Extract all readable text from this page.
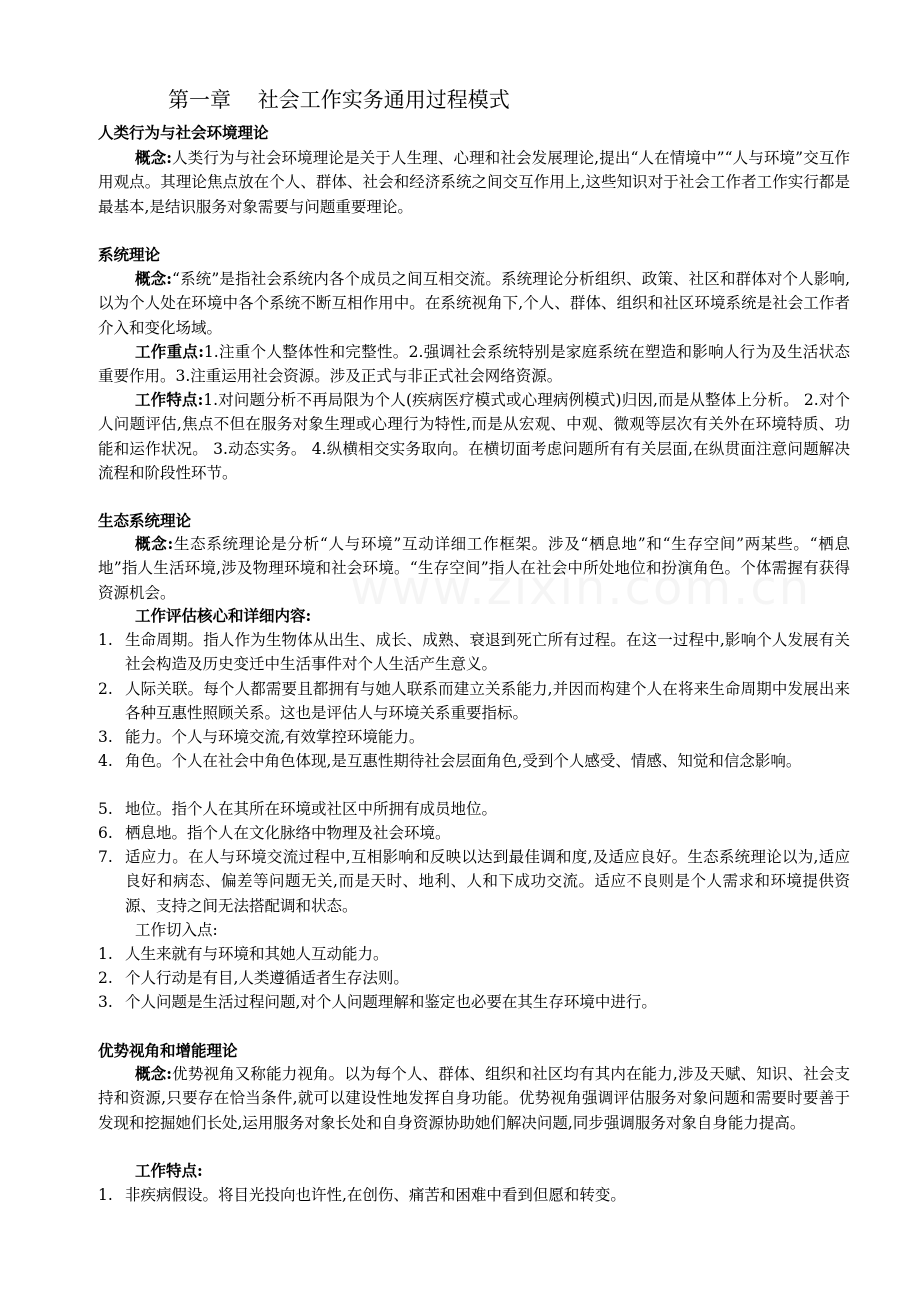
第一章    社会工作实务通用过程模式
人类行为与社会环境理论
概念:人类行为与社会环境理论是关于人生理、心理和社会发展理论,提出“人在情境中”“人与环境”交互作用观点。其理论焦点放在个人、群体、社会和经济系统之间交互作用上,这些知识对于社会工作者工作实行都是最基本,是结识服务对象需要与问题重要理论。
系统理论
概念:“系统”是指社会系统内各个成员之间互相交流。系统理论分析组织、政策、社区和群体对个人影响,以为个人处在环境中各个系统不断互相作用中。在系统视角下,个人、群体、组织和社区环境系统是社会工作者介入和变化场域。
工作重点:1.注重个人整体性和完整性。2.强调社会系统特别是家庭系统在塑造和影响人行为及生活状态重要作用。3.注重运用社会资源。涉及正式与非正式社会网络资源。
工作特点:1.对问题分析不再局限为个人(疾病医疗模式或心理病例模式)归因,而是从整体上分析。 2.对个人问题评估,焦点不但在服务对象生理或心理行为特性,而是从宏观、中观、微观等层次有关外在环境特质、功能和运作状况。 3.动态实务。 4.纵横相交实务取向。在横切面考虑问题所有有关层面,在纵贯面注意问题解决流程和阶段性环节。
生态系统理论
概念:生态系统理论是分析“人与环境”互动详细工作框架。涉及“栖息地”和“生存空间”两某些。“栖息地”指人生活环境,涉及物理环境和社会环境。“生存空间”指人在社会中所处地位和扮演角色。个体需握有获得资源机会。
工作评估核心和详细内容:
1. 生命周期。指人作为生物体从出生、成长、成熟、衰退到死亡所有过程。在这一过程中,影响个人发展有关社会构造及历史变迁中生活事件对个人生活产生意义。
2. 人际关联。每个人都需要且都拥有与她人联系而建立关系能力,并因而构建个人在将来生命周期中发展出来各种互惠性照顾关系。这也是评估人与环境关系重要指标。
3. 能力。个人与环境交流,有效掌控环境能力。
4. 角色。个人在社会中角色体现,是互惠性期待社会层面角色,受到个人感受、情感、知觉和信念影响。
5. 地位。指个人在其所在环境或社区中所拥有成员地位。
6. 栖息地。指个人在文化脉络中物理及社会环境。
7. 适应力。在人与环境交流过程中,互相影响和反映以达到最佳调和度,及适应良好。生态系统理论以为,适应良好和病态、偏差等问题无关,而是天时、地利、人和下成功交流。适应不良则是个人需求和环境提供资源、支持之间无法搭配调和状态。
工作切入点:
1. 人生来就有与环境和其她人互动能力。
2. 个人行动是有目,人类遵循适者生存法则。
3. 个人问题是生活过程问题,对个人问题理解和鉴定也必要在其生存环境中进行。
优势视角和增能理论
概念:优势视角又称能力视角。以为每个人、群体、组织和社区均有其内在能力,涉及天赋、知识、社会支持和资源,只要存在恰当条件,就可以建设性地发挥自身功能。优势视角强调评估服务对象问题和需要时要善于发现和挖掘她们长处,运用服务对象长处和自身资源协助她们解决问题,同步强调服务对象自身能力提高。
工作特点:
1. 非疾病假设。将目光投向也许性,在创伤、痛苦和困难中看到但愿和转变。
